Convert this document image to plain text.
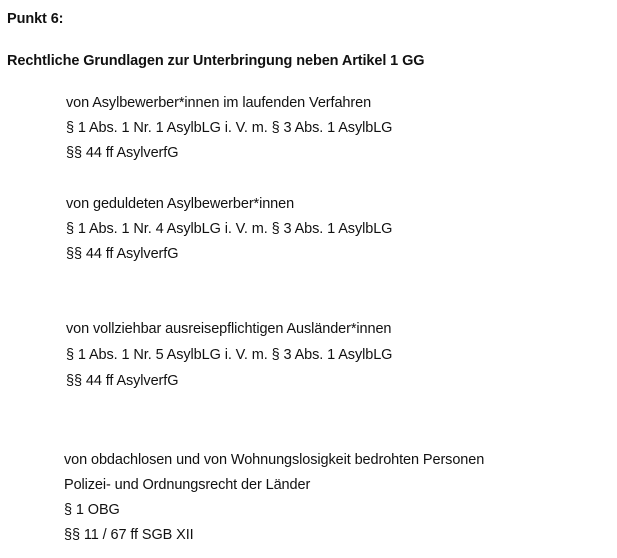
Punkt 6:
Rechtliche Grundlagen zur Unterbringung neben Artikel 1 GG
von Asylbewerber*innen im laufenden Verfahren
§ 1 Abs. 1 Nr. 1 AsylbLG i. V. m. § 3 Abs. 1 AsylbLG
§§ 44 ff AsylverfG
von geduldeten Asylbewerber*innen
§ 1 Abs. 1 Nr. 4 AsylbLG i. V. m. § 3 Abs. 1 AsylbLG
§§ 44 ff AsylverfG
von vollziehbar ausreisepflichtigen Ausländer*innen
§ 1 Abs. 1 Nr. 5 AsylbLG i. V. m. § 3 Abs. 1 AsylbLG
§§ 44 ff AsylverfG
von obdachlosen und von Wohnungslosigkeit bedrohten Personen
Polizei- und Ordnungsrecht der Länder
§ 1 OBG
§§ 11 / 67 ff SGB XII
